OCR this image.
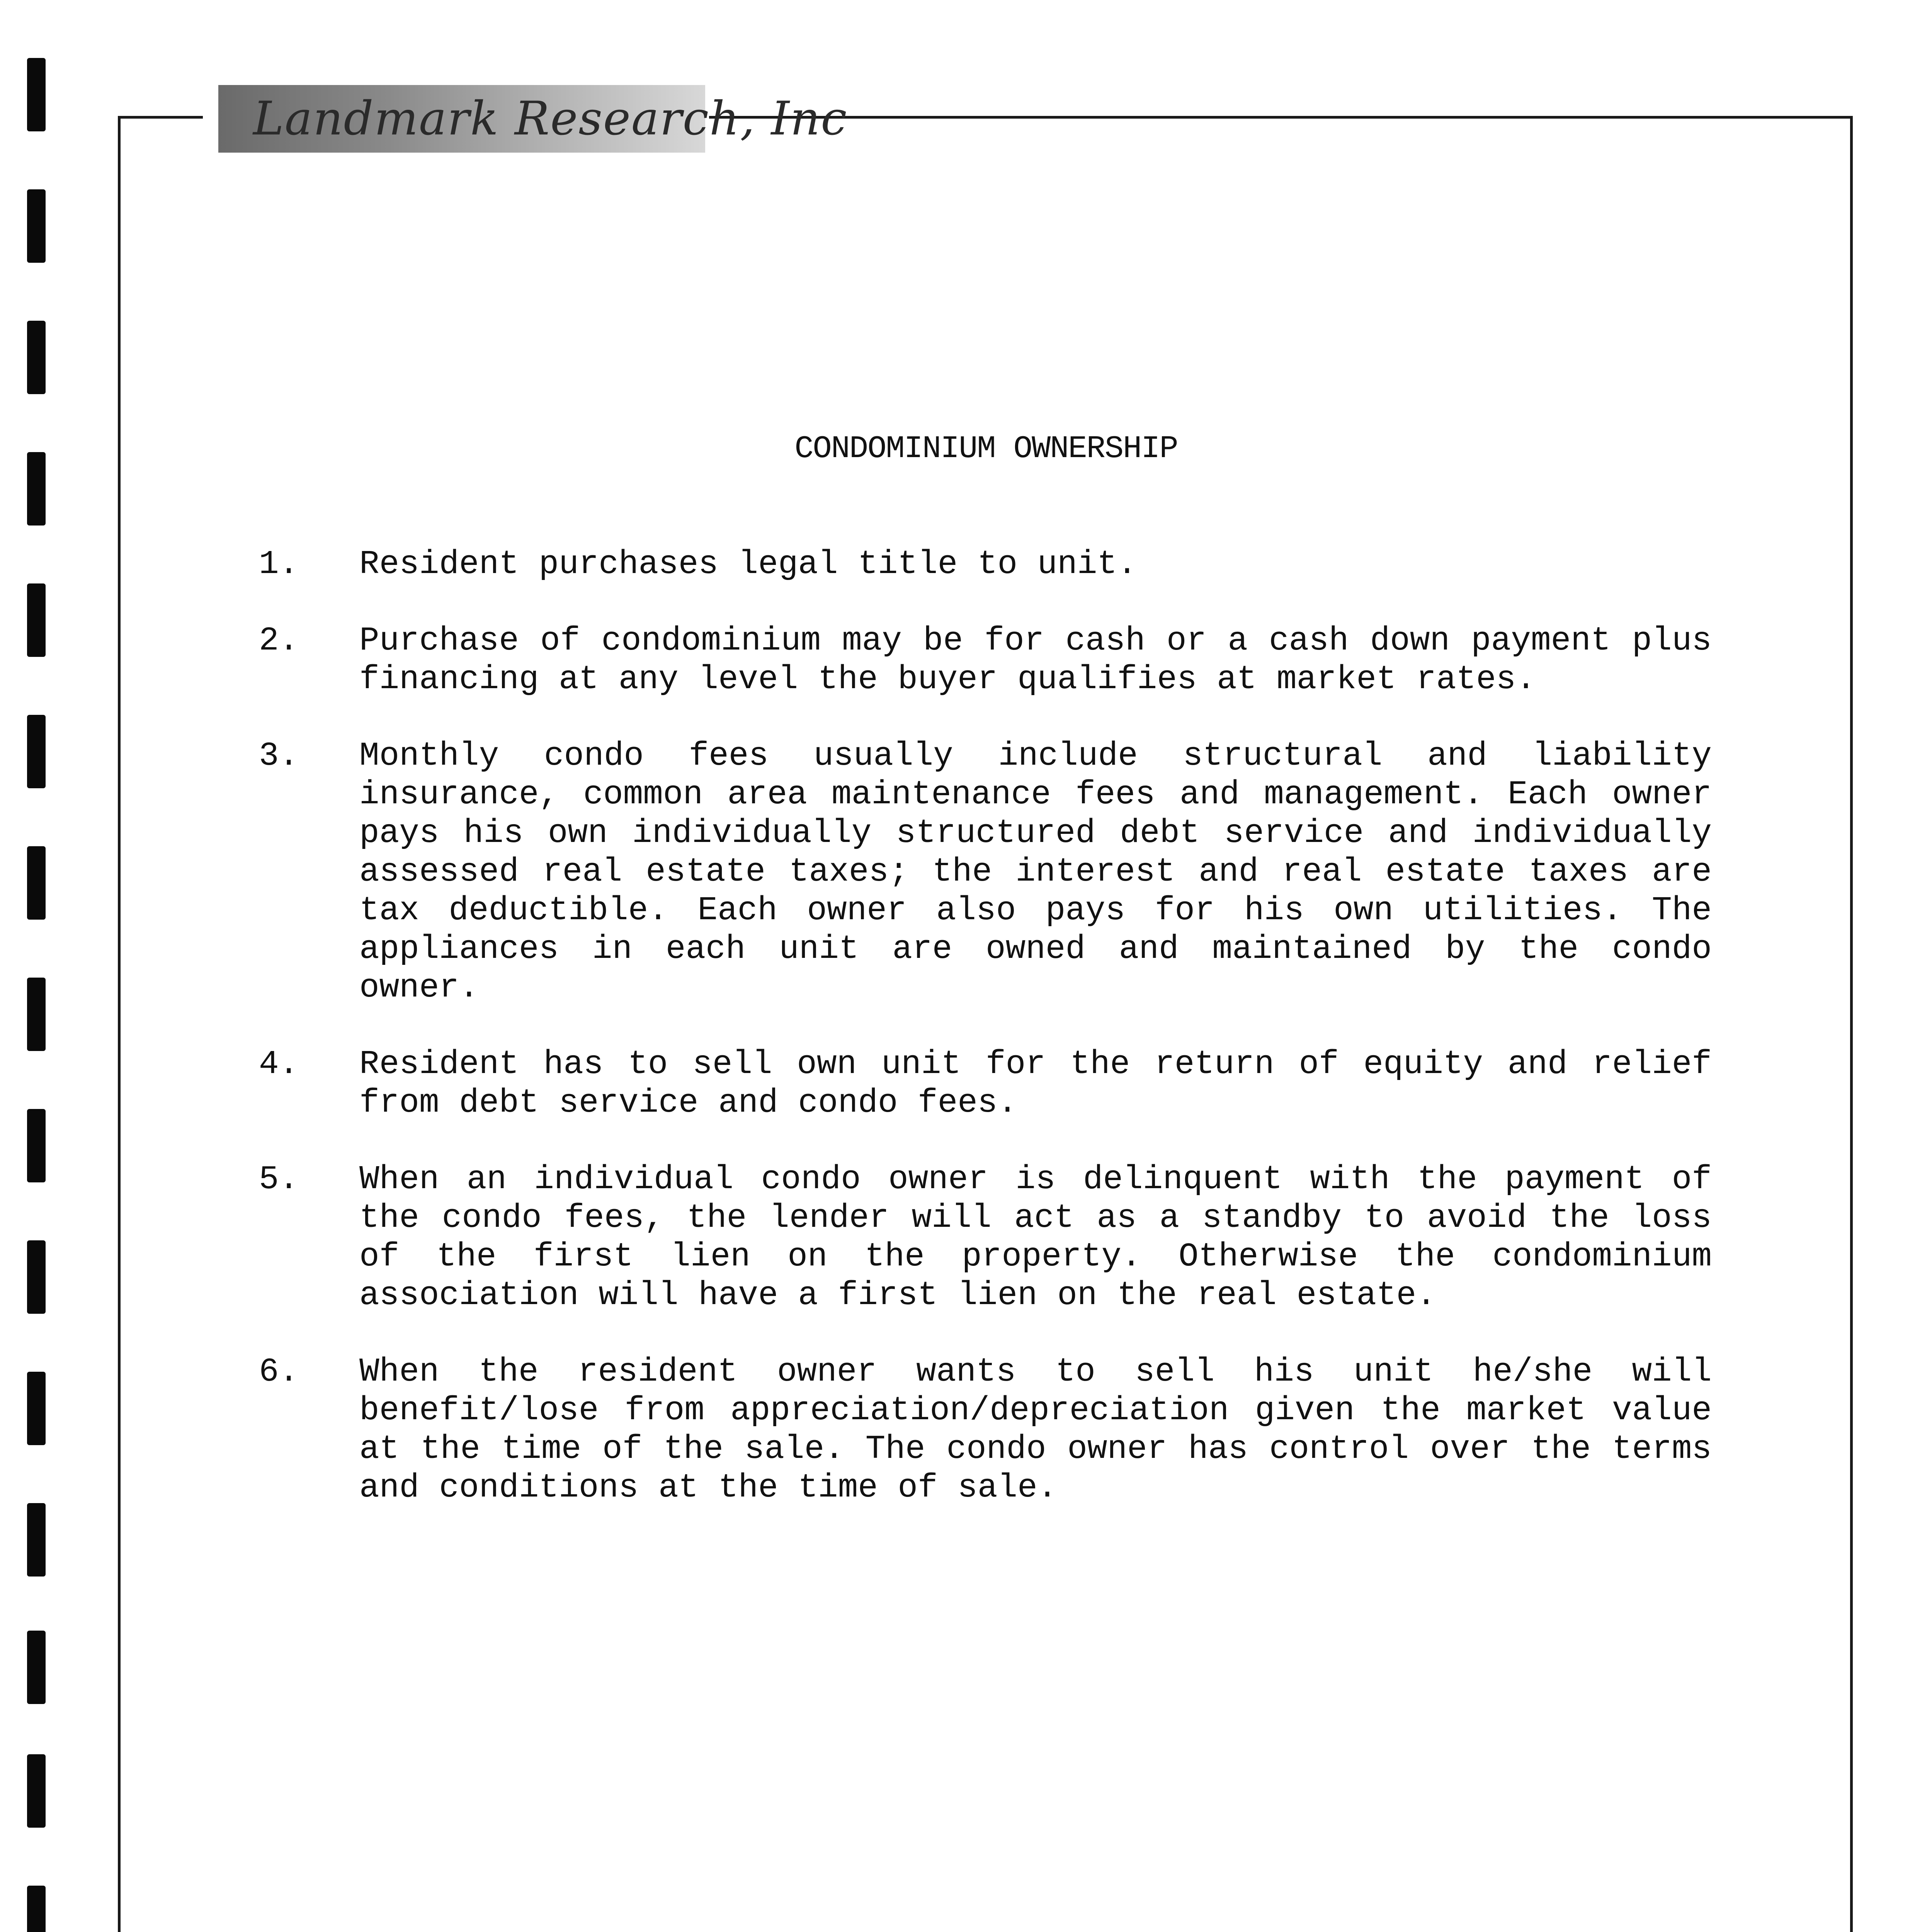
Landmark Research, Inc
CONDOMINIUM OWNERSHIP
1. Resident purchases legal title to unit.
2. Purchase of condominium may be for cash or a cash down payment plus financing at any level the buyer qualifies at market rates.
3. Monthly condo fees usually include structural and liability insurance, common area maintenance fees and management. Each owner pays his own individually structured debt service and individually assessed real estate taxes; the interest and real estate taxes are tax deductible. Each owner also pays for his own utilities. The appliances in each unit are owned and maintained by the condo owner.
4. Resident has to sell own unit for the return of equity and relief from debt service and condo fees.
5. When an individual condo owner is delinquent with the payment of the condo fees, the lender will act as a standby to avoid the loss of the first lien on the property. Otherwise the condominium association will have a first lien on the real estate.
6. When the resident owner wants to sell his unit he/she will benefit/lose from appreciation/depreciation given the market value at the time of the sale. The condo owner has control over the terms and conditions at the time of sale.
